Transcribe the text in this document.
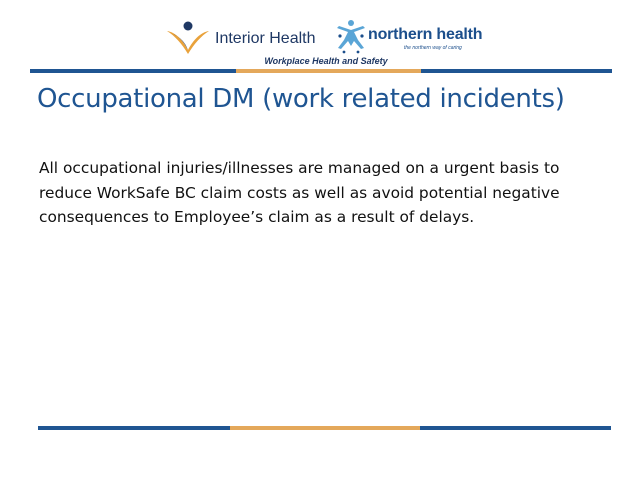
Interior Health	northern health
the northern way of caring
Workplace Health and Safety
Occupational DM (work related incidents)
All occupational injuries/illnesses are managed on a urgent basis to reduce WorkSafe BC claim costs as well as avoid potential negative consequences to Employee’s claim as a result of delays.
